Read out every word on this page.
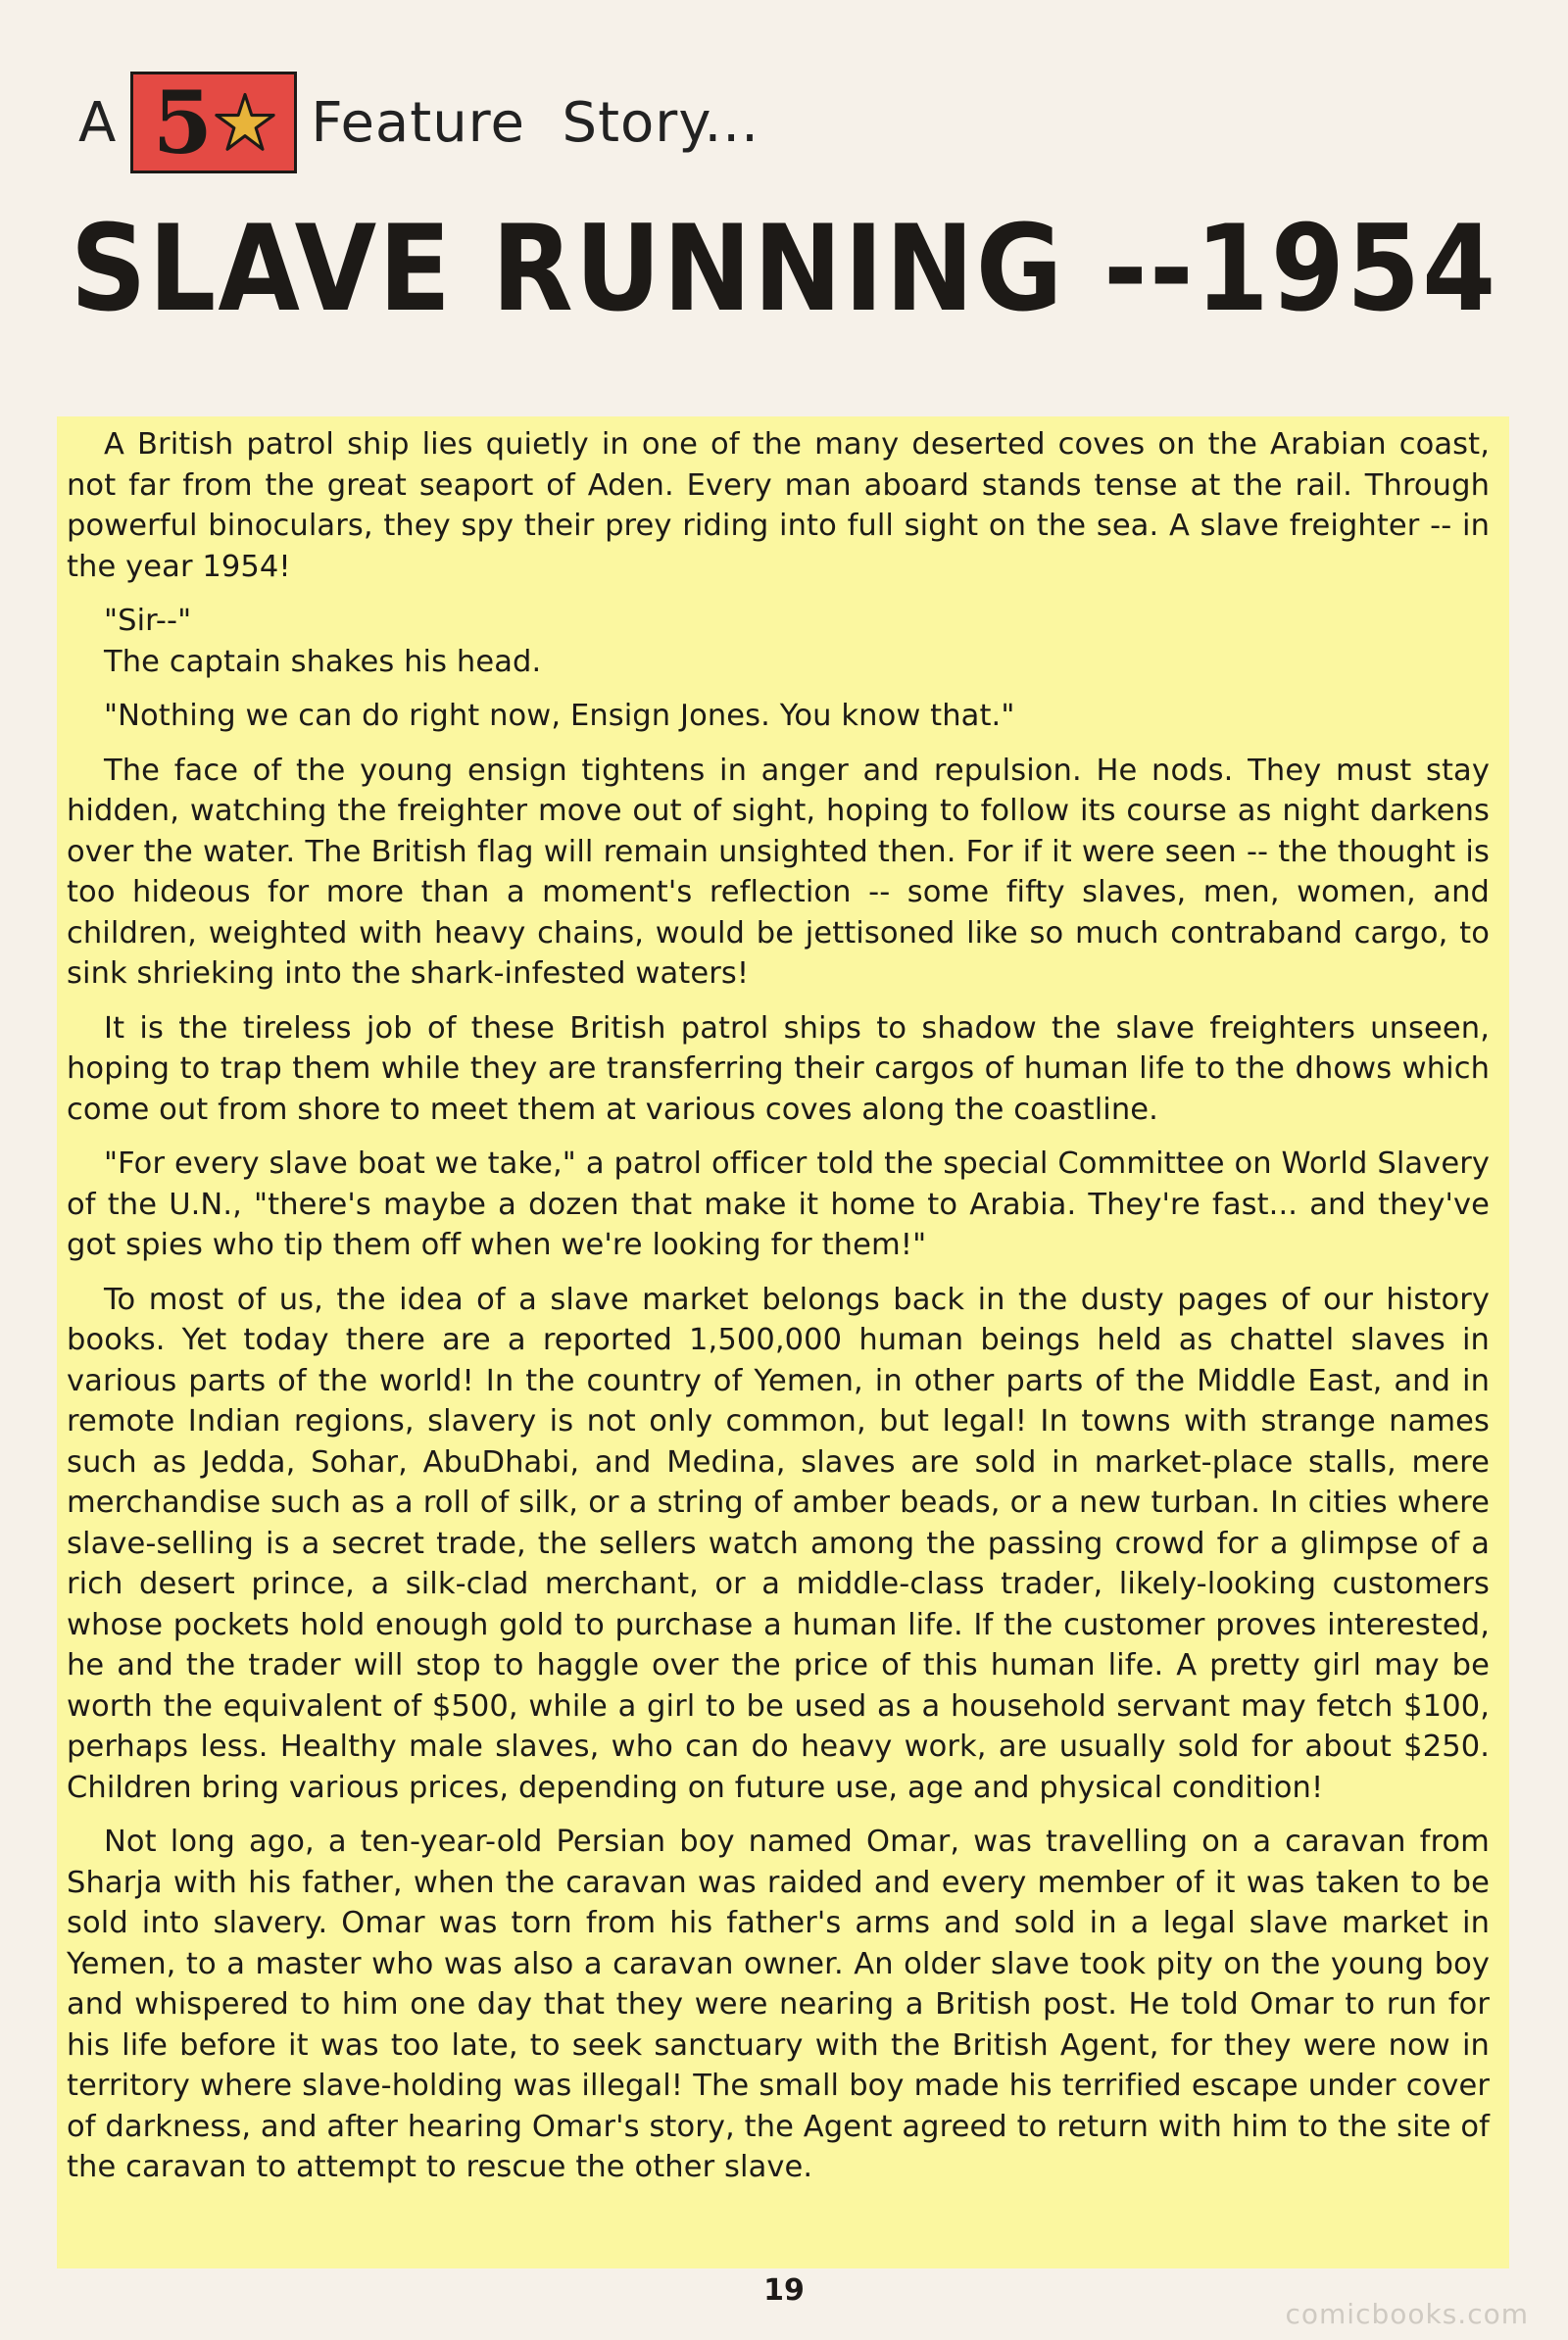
A 5 Feature  Story...
SLAVE RUNNING --1954

A British patrol ship lies quietly in one of the many deserted coves on the Arabian coast, not far from the great seaport of Aden. Every man aboard stands tense at the rail. Through powerful binoculars, they spy their prey riding into full sight on the sea. A slave freighter -- in the year 1954!

"Sir--"

The captain shakes his head.

"Nothing we can do right now, Ensign Jones. You know that."

The face of the young ensign tightens in anger and repulsion. He nods. They must stay hidden, watching the freighter move out of sight, hoping to follow its course as night darkens over the water. The British flag will remain unsighted then. For if it were seen -- the thought is too hideous for more than a moment's reflection -- some fifty slaves, men, women, and children, weighted with heavy chains, would be jettisoned like so much contraband cargo, to sink shrieking into the shark-infested waters!

It is the tireless job of these British patrol ships to shadow the slave freighters unseen, hoping to trap them while they are transferring their cargos of human life to the dhows which come out from shore to meet them at various coves along the coastline.

"For every slave boat we take," a patrol officer told the special Committee on World Slavery of the U.N., "there's maybe a dozen that make it home to Arabia. They're fast... and they've got spies who tip them off when we're looking for them!"

To most of us, the idea of a slave market belongs back in the dusty pages of our history books. Yet today there are a reported 1,500,000 human beings held as chattel slaves in various parts of the world! In the country of Yemen, in other parts of the Middle East, and in remote Indian regions, slavery is not only common, but legal! In towns with strange names such as Jedda, Sohar, AbuDhabi, and Medina, slaves are sold in market-place stalls, mere merchandise such as a roll of silk, or a string of amber beads, or a new turban. In cities where slave-selling is a secret trade, the sellers watch among the passing crowd for a glimpse of a rich desert prince, a silk-clad merchant, or a middle-class trader, likely-looking customers whose pockets hold enough gold to purchase a human life. If the customer proves interested, he and the trader will stop to haggle over the price of this human life. A pretty girl may be worth the equivalent of $500, while a girl to be used as a household servant may fetch $100, perhaps less. Healthy male slaves, who can do heavy work, are usually sold for about $250. Children bring various prices, depending on future use, age and physical condition!

Not long ago, a ten-year-old Persian boy named Omar, was travelling on a caravan from Sharja with his father, when the caravan was raided and every member of it was taken to be sold into slavery. Omar was torn from his father's arms and sold in a legal slave market in Yemen, to a master who was also a caravan owner. An older slave took pity on the young boy and whispered to him one day that they were nearing a British post. He told Omar to run for his life before it was too late, to seek sanctuary with the British Agent, for they were now in territory where slave-holding was illegal! The small boy made his terrified escape under cover of darkness, and after hearing Omar's story, the Agent agreed to return with him to the site of the caravan to attempt to rescue the other slave.

19
comicbooks.com
